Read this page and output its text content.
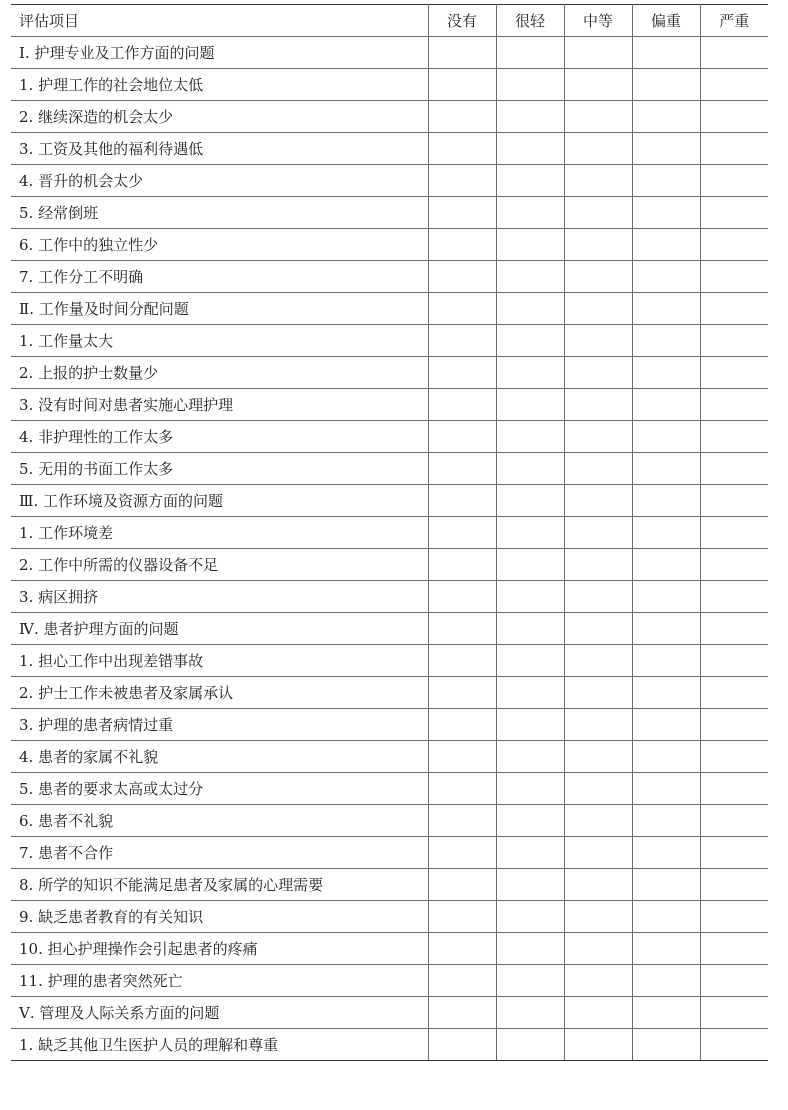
评估项目	没有	很轻	中等	偏重	严重
Ⅰ. 护理专业及工作方面的问题					
1. 护理工作的社会地位太低					
2. 继续深造的机会太少					
3. 工资及其他的福利待遇低					
4. 晋升的机会太少					
5. 经常倒班					
6. 工作中的独立性少					
7. 工作分工不明确					
Ⅱ. 工作量及时间分配问题					
1. 工作量太大					
2. 上报的护士数量少					
3. 没有时间对患者实施心理护理					
4. 非护理性的工作太多					
5. 无用的书面工作太多					
Ⅲ. 工作环境及资源方面的问题					
1. 工作环境差					
2. 工作中所需的仪器设备不足					
3. 病区拥挤					
Ⅳ. 患者护理方面的问题					
1. 担心工作中出现差错事故					
2. 护士工作未被患者及家属承认					
3. 护理的患者病情过重					
4. 患者的家属不礼貌					
5. 患者的要求太高或太过分					
6. 患者不礼貌					
7. 患者不合作					
8. 所学的知识不能满足患者及家属的心理需要					
9. 缺乏患者教育的有关知识					
10. 担心护理操作会引起患者的疼痛					
11. 护理的患者突然死亡					
Ⅴ. 管理及人际关系方面的问题					
1. 缺乏其他卫生医护人员的理解和尊重					
